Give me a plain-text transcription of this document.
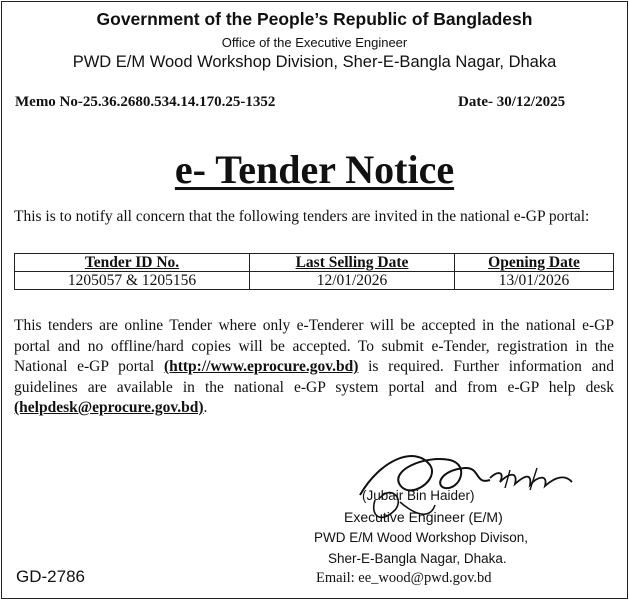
Government of the People’s Republic of Bangladesh
Office of the Executive Engineer
PWD E/M Wood Workshop Division, Sher-E-Bangla Nagar, Dhaka
Memo No-25.36.2680.534.14.170.25-1352	Date- 30/12/2025
e- Tender Notice
This is to notify all concern that the following tenders are invited in the national e-GP portal:
Tender ID No.	Last Selling Date	Opening Date
1205057 & 1205156	12/01/2026	13/01/2026
This tenders are online Tender where only e-Tenderer will be accepted in the national e-GP portal and no offline/hard copies will be accepted. To submit e-Tender, registration in the National e-GP portal (http://www.eprocure.gov.bd) is required. Further information and guidelines are available in the national e-GP system portal and from e-GP help desk (helpdesk@eprocure.gov.bd).
(Jubair Bin Haider)
Executive Engineer (E/M)
PWD E/M Wood Workshop Divison,
Sher-E-Bangla Nagar, Dhaka.
Email: ee_wood@pwd.gov.bd
GD-2786
